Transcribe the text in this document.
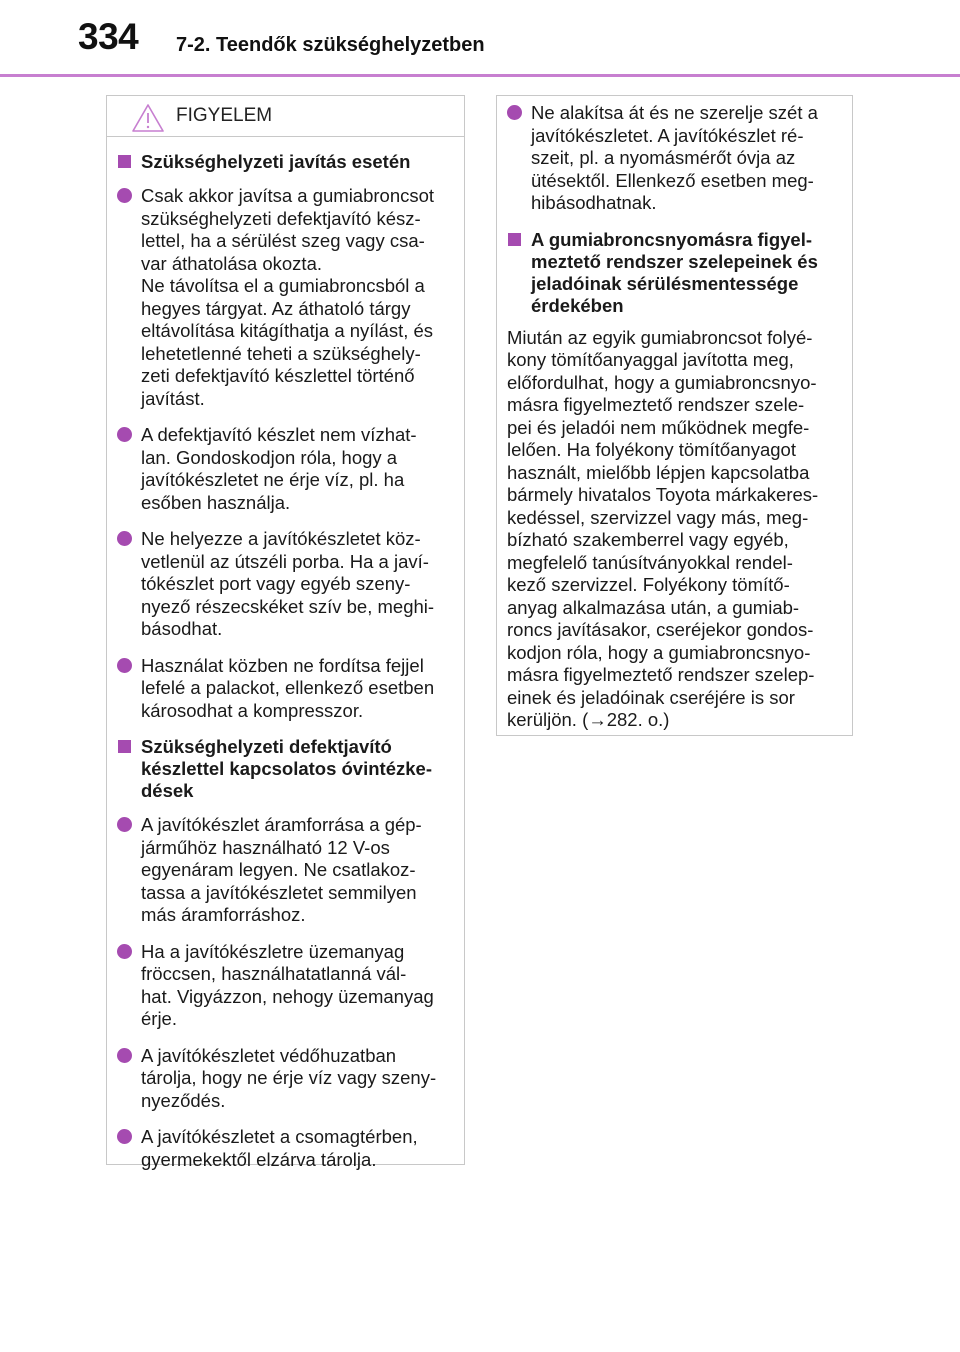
334 7-2. Teendők szükséghelyzetben
FIGYELEM
Szükséghelyzeti javítás esetén
Csak akkor javítsa a gumiabroncsot
szükséghelyzeti defektjavító kész-
lettel, ha a sérülést szeg vagy csa-
var áthatolása okozta.
Ne távolítsa el a gumiabroncsból a
hegyes tárgyat. Az áthatoló tárgy
eltávolítása kitágíthatja a nyílást, és
lehetetlenné teheti a szükséghely-
zeti defektjavító készlettel történő
javítást.
A defektjavító készlet nem vízhat-
lan. Gondoskodjon róla, hogy a
javítókészletet ne érje víz, pl. ha
esőben használja.
Ne helyezze a javítókészletet köz-
vetlenül az útszéli porba. Ha a javí-
tókészlet port vagy egyéb szeny-
nyező részecskéket szív be, meghi-
básodhat.
Használat közben ne fordítsa fejjel
lefelé a palackot, ellenkező esetben
károsodhat a kompresszor.
Szükséghelyzeti defektjavító
készlettel kapcsolatos óvintézke-
dések
A javítókészlet áramforrása a gép-
járműhöz használható 12 V-os
egyenáram legyen. Ne csatlakoz-
tassa a javítókészletet semmilyen
más áramforráshoz.
Ha a javítókészletre üzemanyag
fröccsen, használhatatlanná vál-
hat. Vigyázzon, nehogy üzemanyag
érje.
A javítókészletet védőhuzatban
tárolja, hogy ne érje víz vagy szeny-
nyeződés.
A javítókészletet a csomagtérben,
gyermekektől elzárva tárolja.
Ne alakítsa át és ne szerelje szét a
javítókészletet. A javítókészlet ré-
szeit, pl. a nyomásmérőt óvja az
ütésektől. Ellenkező esetben meg-
hibásodhatnak.
A gumiabroncsnyomásra figyel-
meztető rendszer szelepeinek és
jeladóinak sérülésmentessége
érdekében
Miután az egyik gumiabroncsot folyé-
kony tömítőanyaggal javította meg,
előfordulhat, hogy a gumiabroncsnyo-
másra figyelmeztető rendszer szele-
pei és jeladói nem működnek megfe-
lelően. Ha folyékony tömítőanyagot
használt, mielőbb lépjen kapcsolatba
bármely hivatalos Toyota márkakeres-
kedéssel, szervizzel vagy más, meg-
bízható szakemberrel vagy egyéb,
megfelelő tanúsítványokkal rendel-
kező szervizzel. Folyékony tömítő-
anyag alkalmazása után, a gumiab-
roncs javításakor, cseréjekor gondos-
kodjon róla, hogy a gumiabroncsnyo-
másra figyelmeztető rendszer szelep-
einek és jeladóinak cseréjére is sor
kerüljön. (→282. o.)
